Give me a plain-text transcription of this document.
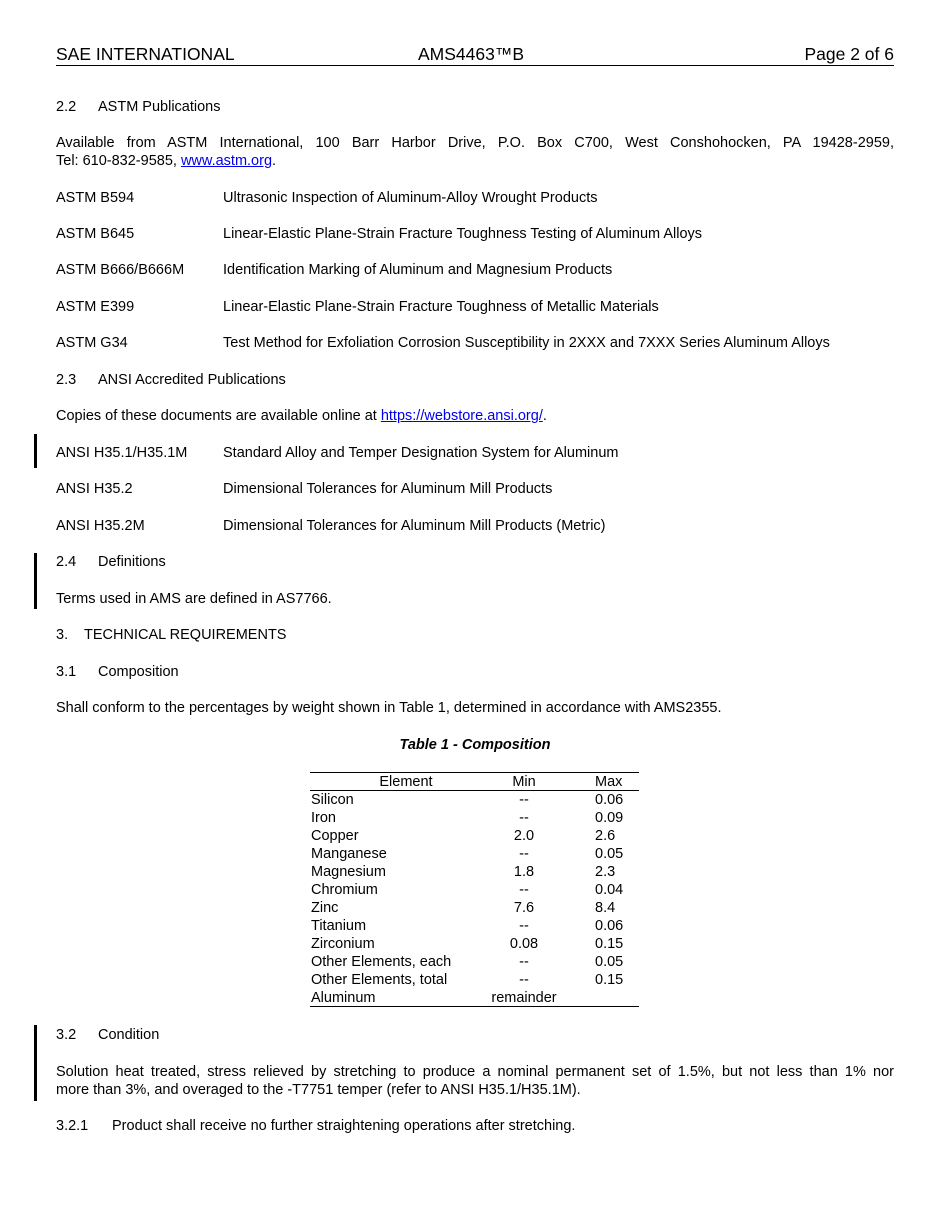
SAE INTERNATIONAL	AMS4463™B	Page 2 of 6
2.2 ASTM Publications
Available from ASTM International, 100 Barr Harbor Drive, P.O. Box C700, West Conshohocken, PA 19428-2959,
Tel: 610-832-9585, www.astm.org.
ASTM B594	Ultrasonic Inspection of Aluminum-Alloy Wrought Products
ASTM B645	Linear-Elastic Plane-Strain Fracture Toughness Testing of Aluminum Alloys
ASTM B666/B666M	Identification Marking of Aluminum and Magnesium Products
ASTM E399	Linear-Elastic Plane-Strain Fracture Toughness of Metallic Materials
ASTM G34	Test Method for Exfoliation Corrosion Susceptibility in 2XXX and 7XXX Series Aluminum Alloys
2.3 ANSI Accredited Publications
Copies of these documents are available online at https://webstore.ansi.org/.
ANSI H35.1/H35.1M Standard Alloy and Temper Designation System for Aluminum
ANSI H35.2	Dimensional Tolerances for Aluminum Mill Products
ANSI H35.2M	Dimensional Tolerances for Aluminum Mill Products (Metric)
2.4 Definitions
Terms used in AMS are defined in AS7766.
3. TECHNICAL REQUIREMENTS
3.1 Composition
Shall conform to the percentages by weight shown in Table 1, determined in accordance with AMS2355.
Table 1 - Composition
Element	Min	Max
Silicon	--	0.06
Iron	--	0.09
Copper	2.0	2.6
Manganese	--	0.05
Magnesium	1.8	2.3
Chromium	--	0.04
Zinc	7.6	8.4
Titanium	--	0.06
Zirconium	0.08	0.15
Other Elements, each	--	0.05
Other Elements, total	--	0.15
Aluminum	remainder
3.2 Condition
Solution heat treated, stress relieved by stretching to produce a nominal permanent set of 1.5%, but not less than 1% nor
more than 3%, and overaged to the -T7751 temper (refer to ANSI H35.1/H35.1M).
3.2.1 Product shall receive no further straightening operations after stretching.
